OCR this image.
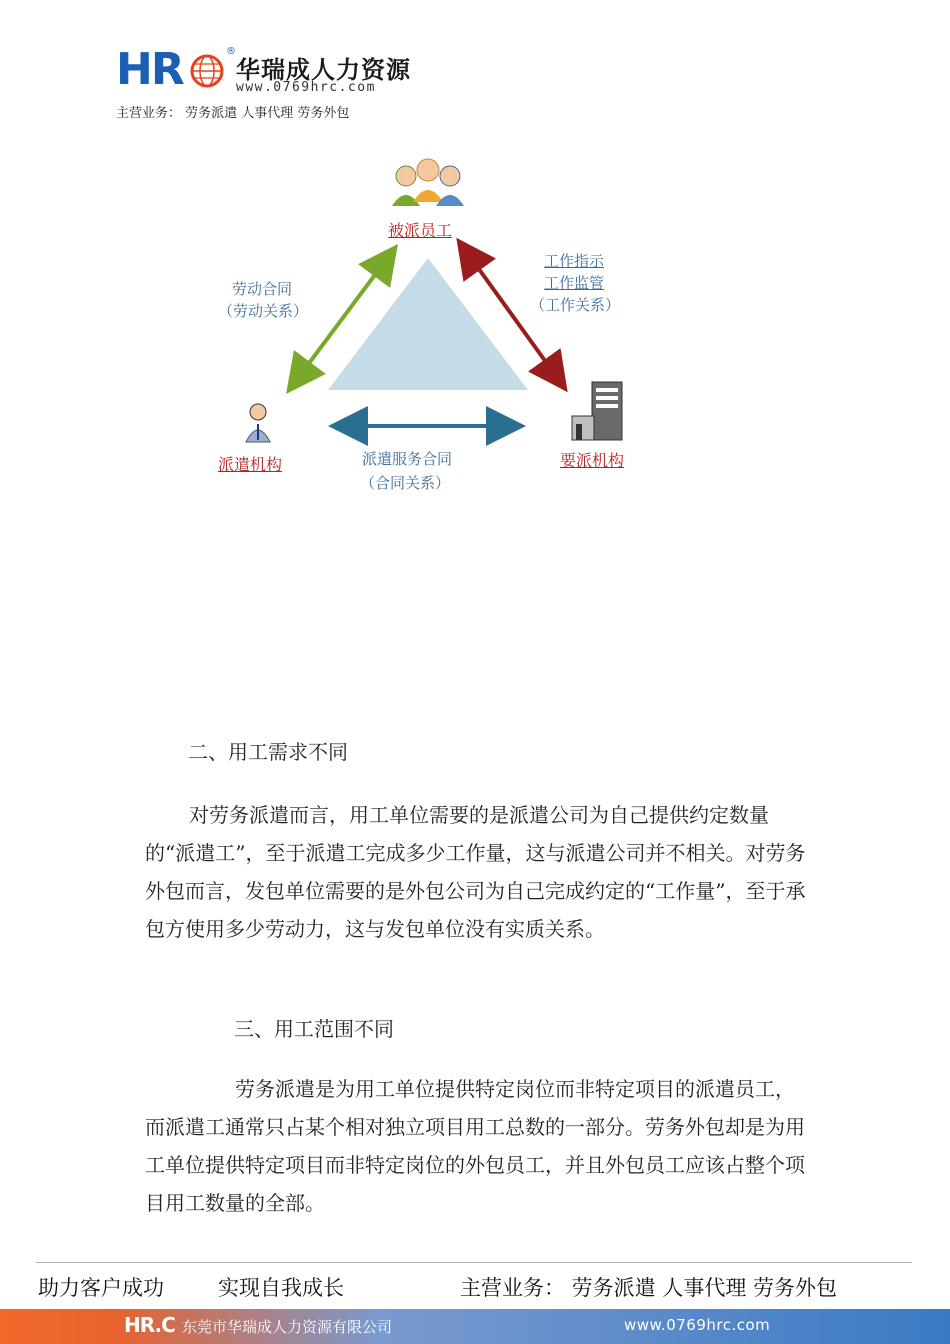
HR	®
华瑞成人力资源
www.0769hrc.com
主营业务： 劳务派遣 人事代理 劳务外包
被派员工
派遣机构	要派机构
劳动合同
（劳动关系）
工作指示
工作监管
（工作关系）
派遣服务合同
（合同关系）
二、用工需求不同
对劳务派遣而言，用工单位需要的是派遣公司为自己提供约定数量的“派遣工”，至于派遣工完成多少工作量，这与派遣公司并不相关。对劳务外包而言，发包单位需要的是外包公司为自己完成约定的“工作量”，至于承包方使用多少劳动力，这与发包单位没有实质关系。
三、用工范围不同
劳务派遣是为用工单位提供特定岗位而非特定项目的派遣员工，而派遣工通常只占某个相对独立项目用工总数的一部分。劳务外包却是为用工单位提供特定项目而非特定岗位的外包员工，并且外包员工应该占整个项目用工数量的全部。
助力客户成功	实现自我成长	主营业务： 劳务派遣 人事代理 劳务外包
HR.C 东莞市华瑞成人力资源有限公司	www.0769hrc.com
